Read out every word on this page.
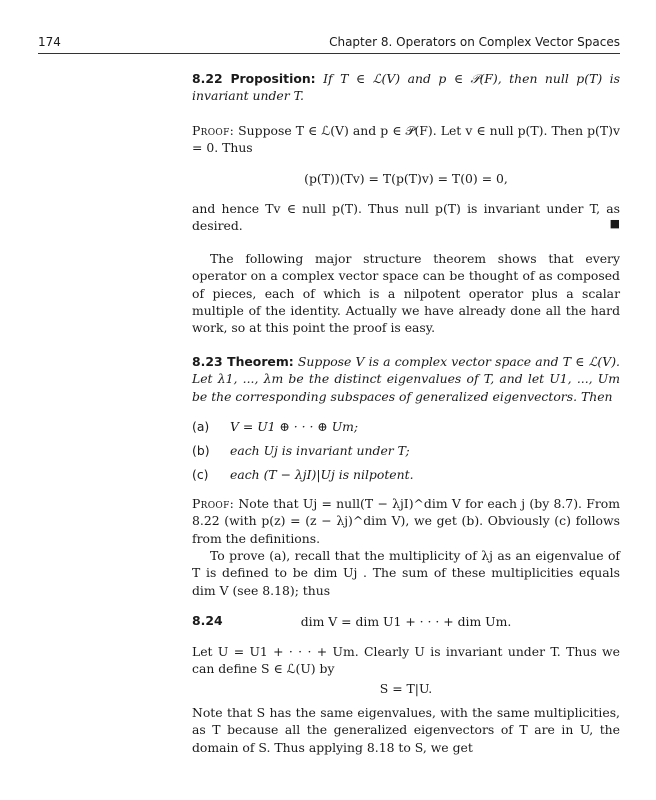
174	Chapter 8. Operators on Complex Vector Spaces
8.22 Proposition: If T ∈ ℒ(V) and p ∈ 𝒫(F), then null p(T) is invariant under T.
Proof: Suppose T ∈ ℒ(V) and p ∈ 𝒫(F). Let v ∈ null p(T). Then p(T)v = 0. Thus
(p(T))(Tv) = T(p(T)v) = T(0) = 0,
and hence Tv ∈ null p(T). Thus null p(T) is invariant under T, as desired.	■
The following major structure theorem shows that every operator on a complex vector space can be thought of as composed of pieces, each of which is a nilpotent operator plus a scalar multiple of the identity. Actually we have already done all the hard work, so at this point the proof is easy.
8.23 Theorem: Suppose V is a complex vector space and T ∈ ℒ(V). Let λ1, ..., λm be the distinct eigenvalues of T, and let U1, ..., Um be the corresponding subspaces of generalized eigenvectors. Then
(a) V = U1 ⊕ · · · ⊕ Um;
(b) each Uj is invariant under T;
(c) each (T − λjI)|Uj is nilpotent.
Proof: Note that Uj = null(T − λjI)^dim V for each j (by 8.7). From 8.22 (with p(z) = (z − λj)^dim V), we get (b). Obviously (c) follows from the definitions.
To prove (a), recall that the multiplicity of λj as an eigenvalue of T is defined to be dim Uj . The sum of these multiplicities equals dim V (see 8.18); thus
8.24	dim V = dim U1 + · · · + dim Um.
Let U = U1 + · · · + Um. Clearly U is invariant under T. Thus we can define S ∈ ℒ(U) by
S = T|U.
Note that S has the same eigenvalues, with the same multiplicities, as T because all the generalized eigenvectors of T are in U, the domain of S. Thus applying 8.18 to S, we get
